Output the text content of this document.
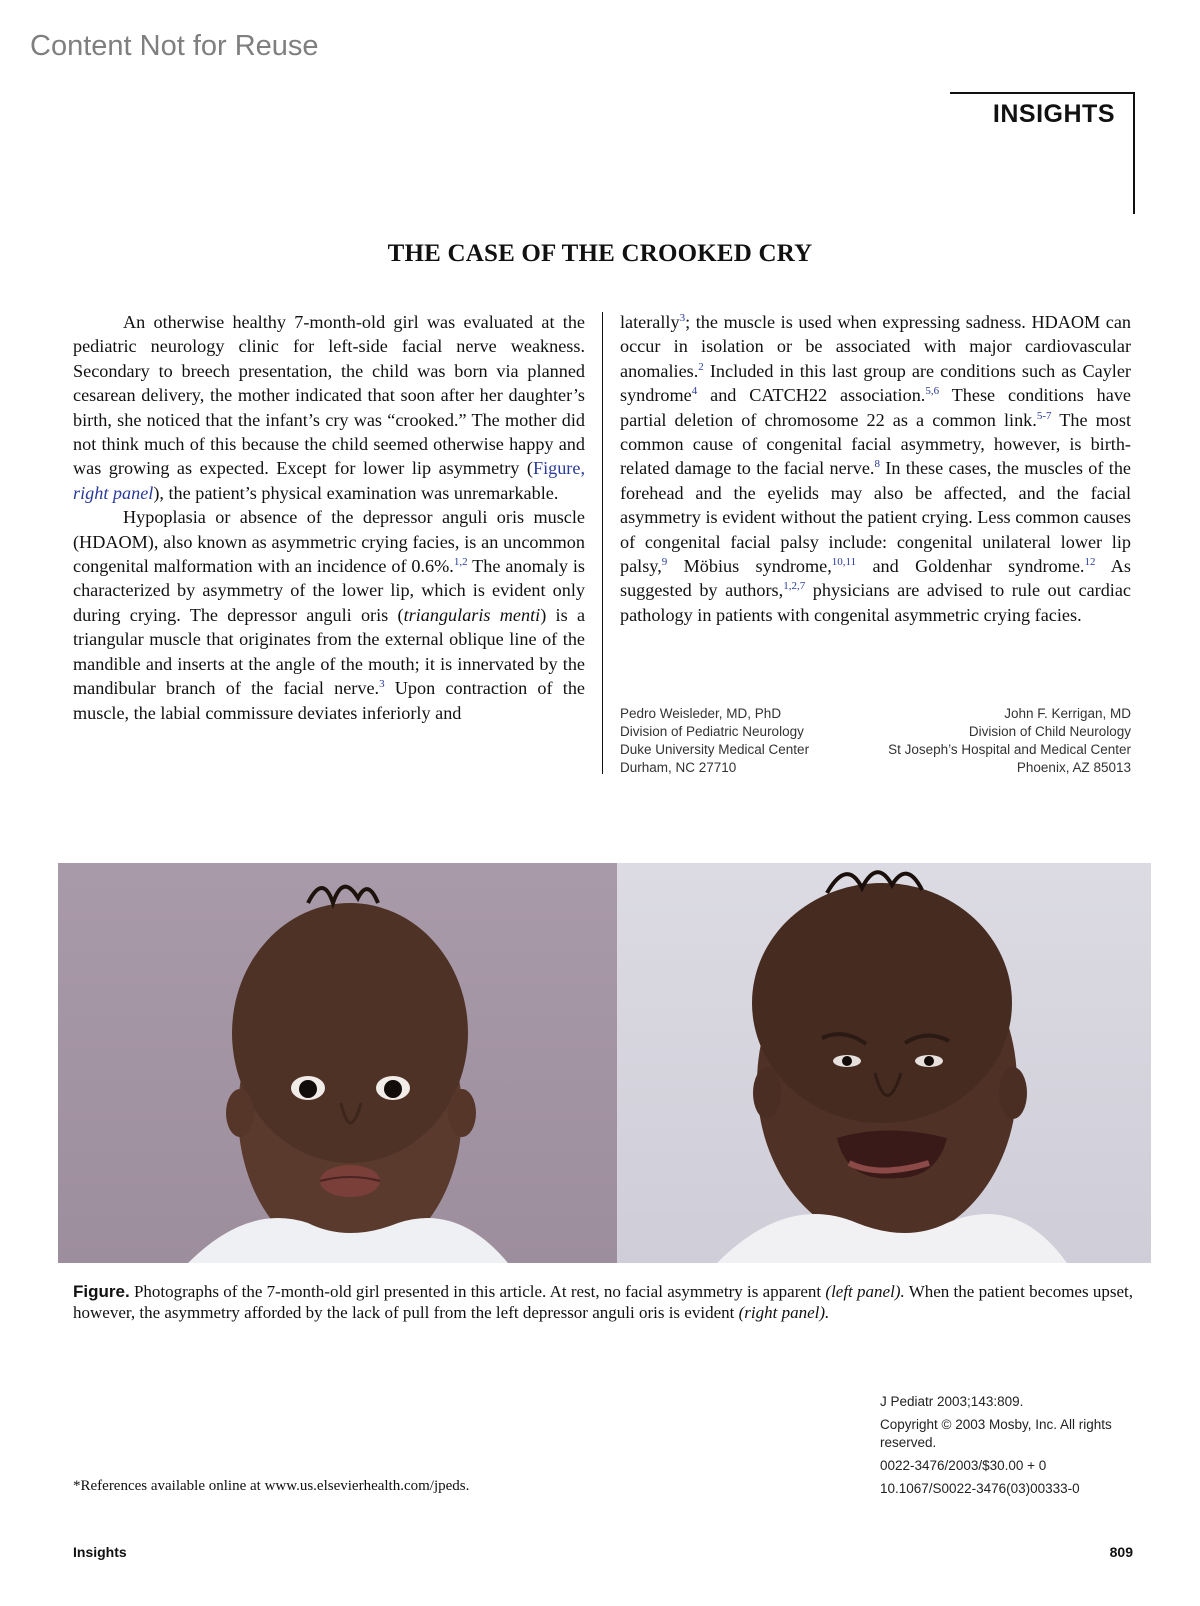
Content Not for Reuse
INSIGHTS
THE CASE OF THE CROOKED CRY

An otherwise healthy 7-month-old girl was evaluated at the pediatric neurology clinic for left-side facial nerve weakness. Secondary to breech presentation, the child was born via planned cesarean delivery, the mother indicated that soon after her daughter’s birth, she noticed that the infant’s cry was “crooked.” The mother did not think much of this because the child seemed otherwise happy and was growing as expected. Except for lower lip asymmetry (Figure, right panel), the patient’s physical examination was unremarkable.

Hypoplasia or absence of the depressor anguli oris muscle (HDAOM), also known as asymmetric crying facies, is an uncommon congenital malformation with an incidence of 0.6%.$^{1,2}$ The anomaly is characterized by asymmetry of the lower lip, which is evident only during crying. The depressor anguli oris (triangularis menti) is a triangular muscle that originates from the external oblique line of the mandible and inserts at the angle of the mouth; it is innervated by the mandibular branch of the facial nerve.$^3$ Upon contraction of the muscle, the labial commissure deviates inferiorly and

laterally$^3$; the muscle is used when expressing sadness. HDAOM can occur in isolation or be associated with major cardiovascular anomalies.$^2$ Included in this last group are conditions such as Cayler syndrome$^4$ and CATCH22 association.$^{5,6}$ These conditions have partial deletion of chromosome 22 as a common link.$^{5-7}$ The most common cause of congenital facial asymmetry, however, is birth-related damage to the facial nerve.$^8$ In these cases, the muscles of the forehead and the eyelids may also be affected, and the facial asymmetry is evident without the patient crying. Less common causes of congenital facial palsy include: congenital unilateral lower lip palsy,$^9$ Möbius syndrome,$^{10,11}$ and Goldenhar syndrome.$^{12}$ As suggested by authors,$^{1,2,7}$ physicians are advised to rule out cardiac pathology in patients with congenital asymmetric crying facies.

Pedro Weisleder, MD, PhD
Division of Pediatric Neurology
Duke University Medical Center
Durham, NC 27710
John F. Kerrigan, MD
Division of Child Neurology
St Joseph’s Hospital and Medical Center
Phoenix, AZ 85013
Figure. Photographs of the 7-month-old girl presented in this article. At rest, no facial asymmetry is apparent (left panel). When the patient becomes upset, however, the asymmetry afforded by the lack of pull from the left depressor anguli oris is evident (right panel).
J Pediatr 2003;143:809.
Copyright © 2003 Mosby, Inc. All rights reserved.
0022-3476/2003/$30.00 + 0
10.1067/S0022-3476(03)00333-0
*References available online at www.us.elsevierhealth.com/jpeds.
Insights	809
